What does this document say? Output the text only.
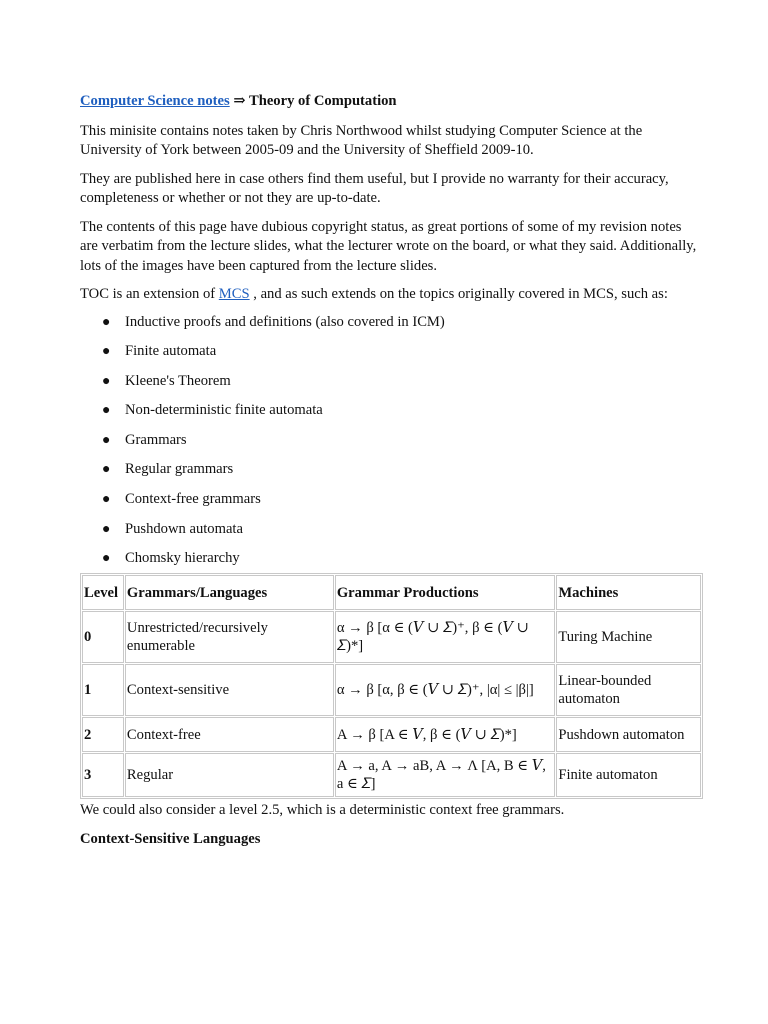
Computer Science notes ⇒ Theory of Computation

This minisite contains notes taken by Chris Northwood whilst studying Computer Science at the University of York between 2005-09 and the University of Sheffield 2009-10.

They are published here in case others find them useful, but I provide no warranty for their accuracy, completeness or whether or not they are up-to-date.

The contents of this page have dubious copyright status, as great portions of some of my revision notes are verbatim from the lecture slides, what the lecturer wrote on the board, or what they said. Additionally, lots of the images have been captured from the lecture slides.

TOC is an extension of MCS , and as such extends on the topics originally covered in MCS, such as:

● Inductive proofs and definitions (also covered in ICM)
● Finite automata
● Kleene's Theorem
● Non-deterministic finite automata
● Grammars
● Regular grammars
● Context-free grammars
● Pushdown automata
● Chomsky hierarchy
Level	Grammars/Languages	Grammar Productions	Machines
0	Unrestricted/recursively enumerable	α → β [α ∈ (𝑉 ∪ 𝛴)⁺, β ∈ (𝑉 ∪ 𝛴)*]	Turing Machine
1	Context-sensitive	α → β [α, β ∈ (𝑉 ∪ 𝛴)⁺, |α| ≤ |β|]	Linear-bounded automaton
2	Context-free	A → β [A ∈ 𝑉, β ∈ (𝑉 ∪ 𝛴)*]	Pushdown automaton
3	Regular	A → a, A → aB, A → Λ [A, B ∈ 𝑉, a ∈ 𝛴]	Finite automaton

We could also consider a level 2.5, which is a deterministic context free grammars.

Context-Sensitive Languages
